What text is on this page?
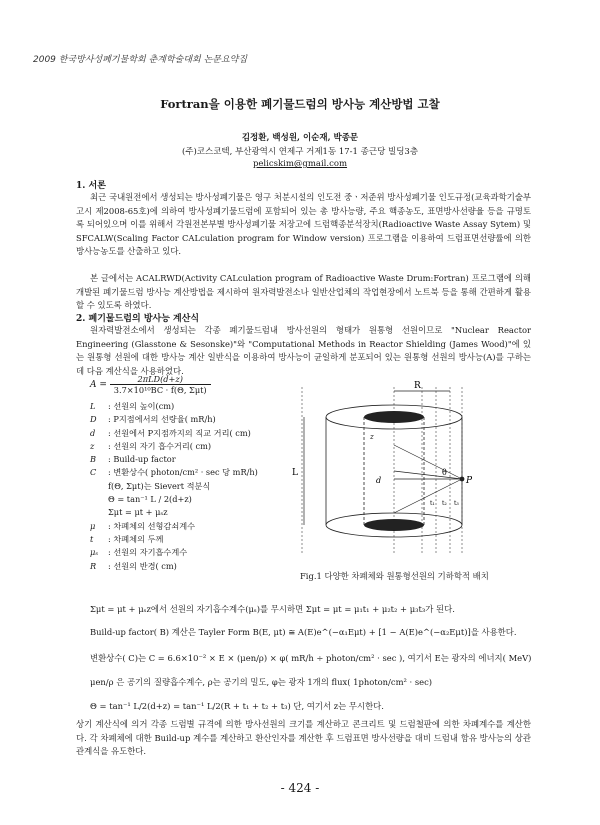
2009 한국방사성폐기물학회 춘계학술대회 논문요약집
Fortran을 이용한 폐기물드럼의 방사능 계산방법 고찰
김정환, 백성원, 이순재, 박종문
(주)코스코텍, 부산광역시 연제구 거제1동 17-1 종근당 빌딩3층
pelicskim@gmail.com
1. 서론

최근 국내원전에서 생성되는 방사성폐기물은 영구 처분시설의 인도전 중ㆍ저준위 방사성폐기물 인도규정(교육과학기술부 고시 제2008-65호)에 의하여 방사성폐기물드럼에 포함되어 있는 총 방사능량, 주요 핵종농도, 표면방사선량율 등을 규명토록 되어있으며 이를 위해서 각원전본부별 방사성폐기물 저장고에 드럼핵종분석장치(Radioactive Waste Assay Sytem) 및 SFCALW(Scaling Factor CALculation program for Window version) 프로그램을 이용하여 드럼표면선량률에 의한 방사능농도를 산출하고 있다.

본 글에서는 ACALRWD(Activity CALculation program of Radioactive Waste Drum:Fortran) 프로그램에 의해 개발된 폐기물드럼 방사능 계산방법을 제시하여 원자력발전소나 일반산업체의 작업현장에서 노트북 등을 통해 간편하게 활용할 수 있도록 하였다.

2. 폐기물드럼의 방사능 계산식

원자력발전소에서 생성되는 각종 폐기물드럼내 방사선원의 형태가 원통형 선원이므로 "Nuclear Reactor Engineering (Glasstone & Sesonske)"와 "Computational Methods in Reactor Shielding (James Wood)"에 있는 원통형 선원에 대한 방사능 계산 일반식을 이용하여 방사능이 균일하게 분포되어 있는 원통형 선원의 방사능(A)를 구하는데 다음 계산식을 사용하였다.

A =
2πLD(d+z)
3.7×10¹⁰BC · f(Θ, Σμt)
L : 선원의 높이(cm)
D : P지점에서의 선량율( mR/h)
d : 선원에서 P지점까지의 직교 거리( cm)
z : 선원의 자기 흡수거리( cm)
B : Build-up factor
C : 변환상수( photon/cm² · sec 당 mR/h)
f(Θ, Σμt)는 Sievert 적분식
Θ = tan⁻¹ L / 2(d+z)
Σμt = μt + μₛz
μ : 차폐체의 선형감쇠계수
t : 차폐체의 두께
μₛ : 선원의 자기흡수계수
R : 선원의 반경( cm)
R
L
P
θ
d
z
t₁ t₂ t₃
Fig.1 다양한 차폐체와 원통형선원의 기하학적 배치
Σμt = μt + μₛz에서 선원의 자기흡수계수(μₛ)를 무시하면 Σμt = μt = μ₁t₁ + μ₂t₂ + μ₃t₃가 된다.
Build-up factor( B) 계산은 Tayler Form B(E, μt) ≅ A(E)e^(−α₁Eμt) + [1 − A(E)e^(−α₂Eμt)]을 사용한다.
변환상수( C)는 C = 6.6×10⁻² × E × (μen/ρ) × φ( mR/h ÷ photon/cm² · sec ), 여기서 E는 광자의 에너지( MeV)
μen/ρ 은 공기의 질량흡수계수, ρ는 공기의 밀도, φ는 광자 1개의 flux( 1photon/cm² · sec)
Θ = tan⁻¹ L/2(d+z) = tan⁻¹ L/2(R + t₁ + t₂ + t₃) 단, 여기서 z는 무시한다.

상기 계산식에 의거 각종 드럼별 규격에 의한 방사선원의 크기를 계산하고 콘크리트 및 드럼철판에 의한 차폐계수를 계산한다. 각 차폐체에 대한 Build-up 계수를 계산하고 환산인자를 계산한 후 드럼표면 방사선량을 대비 드럼내 함유 방사능의 상관관계식을 유도한다.

- 424 -
